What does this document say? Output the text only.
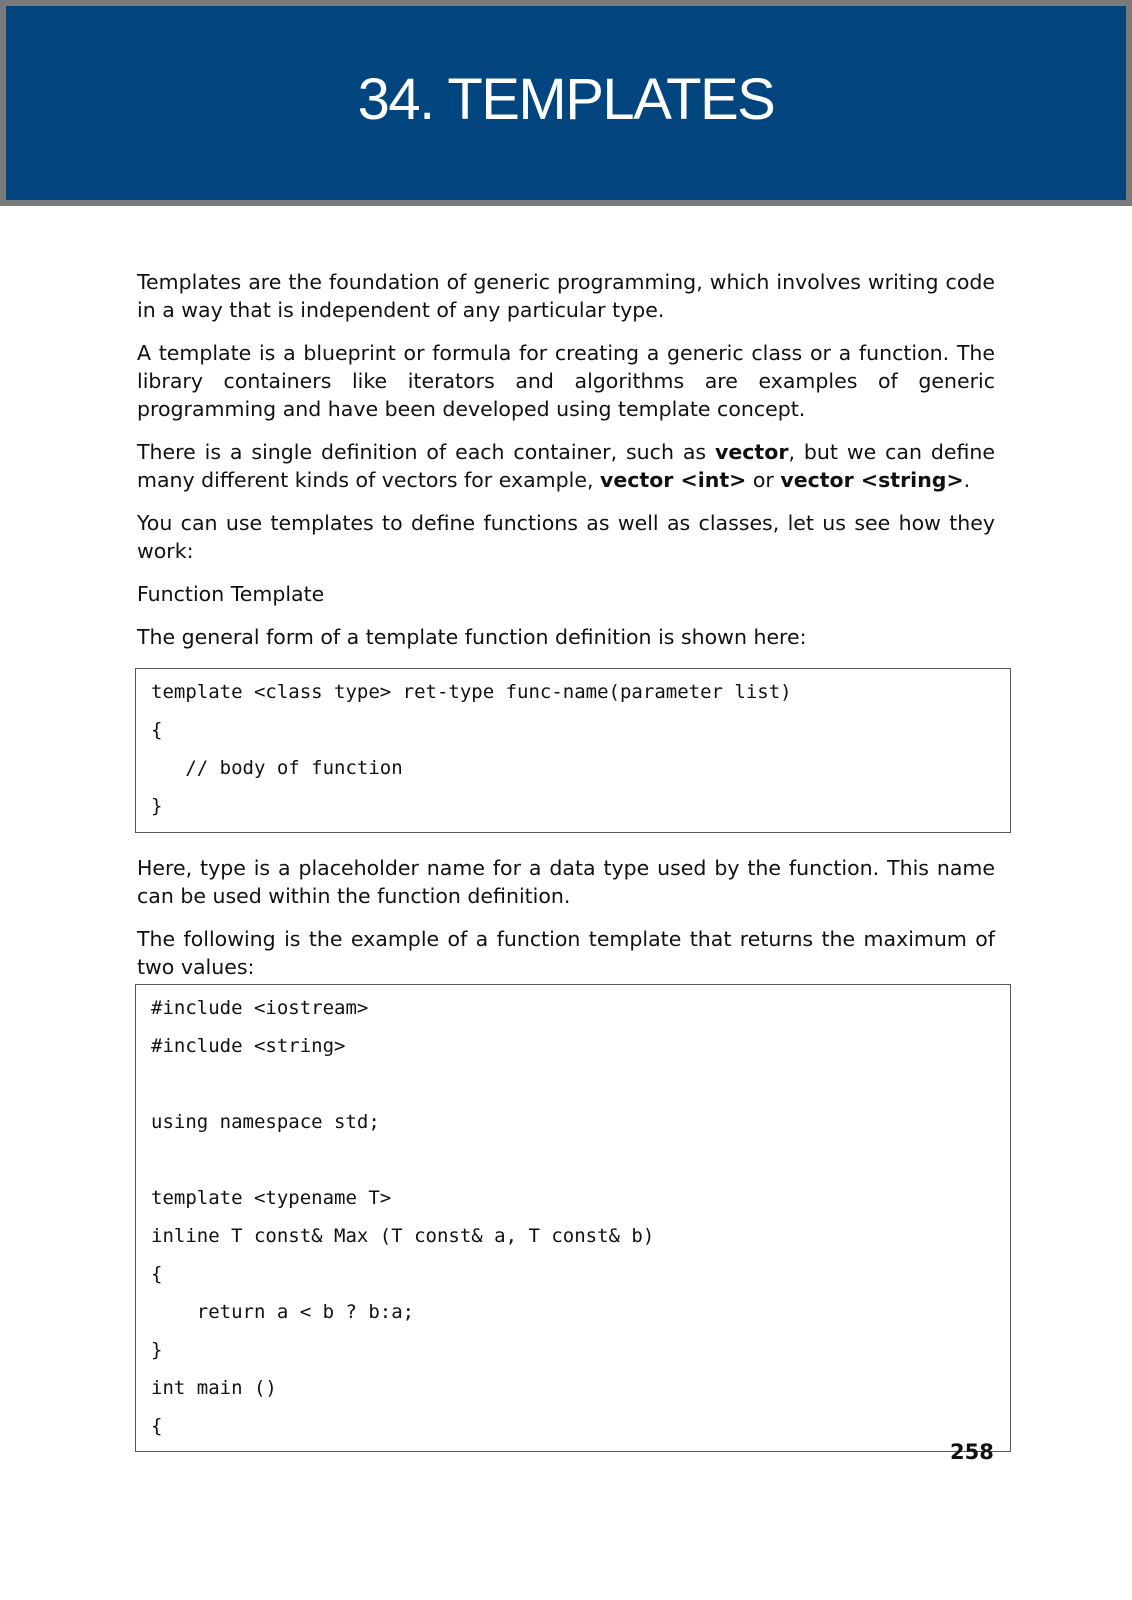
34. TEMPLATES

Templates are the foundation of generic programming, which involves writing code in a way that is independent of any particular type.

A template is a blueprint or formula for creating a generic class or a function. The library containers like iterators and algorithms are examples of generic programming and have been developed using template concept.

There is a single definition of each container, such as vector, but we can define many different kinds of vectors for example, vector <int> or vector <string>.

You can use templates to define functions as well as classes, let us see how they work:

Function Template

The general form of a template function definition is shown here:

template <class type> ret-type func-name(parameter list)
{
// body of function
}

Here, type is a placeholder name for a data type used by the function. This name can be used within the function definition.

The following is the example of a function template that returns the maximum of two values:

#include <iostream>
#include <string>
using namespace std;
template <typename T>
inline T const& Max (T const& a, T const& b)
{
return a < b ? b:a;
}
int main ()
{
258
